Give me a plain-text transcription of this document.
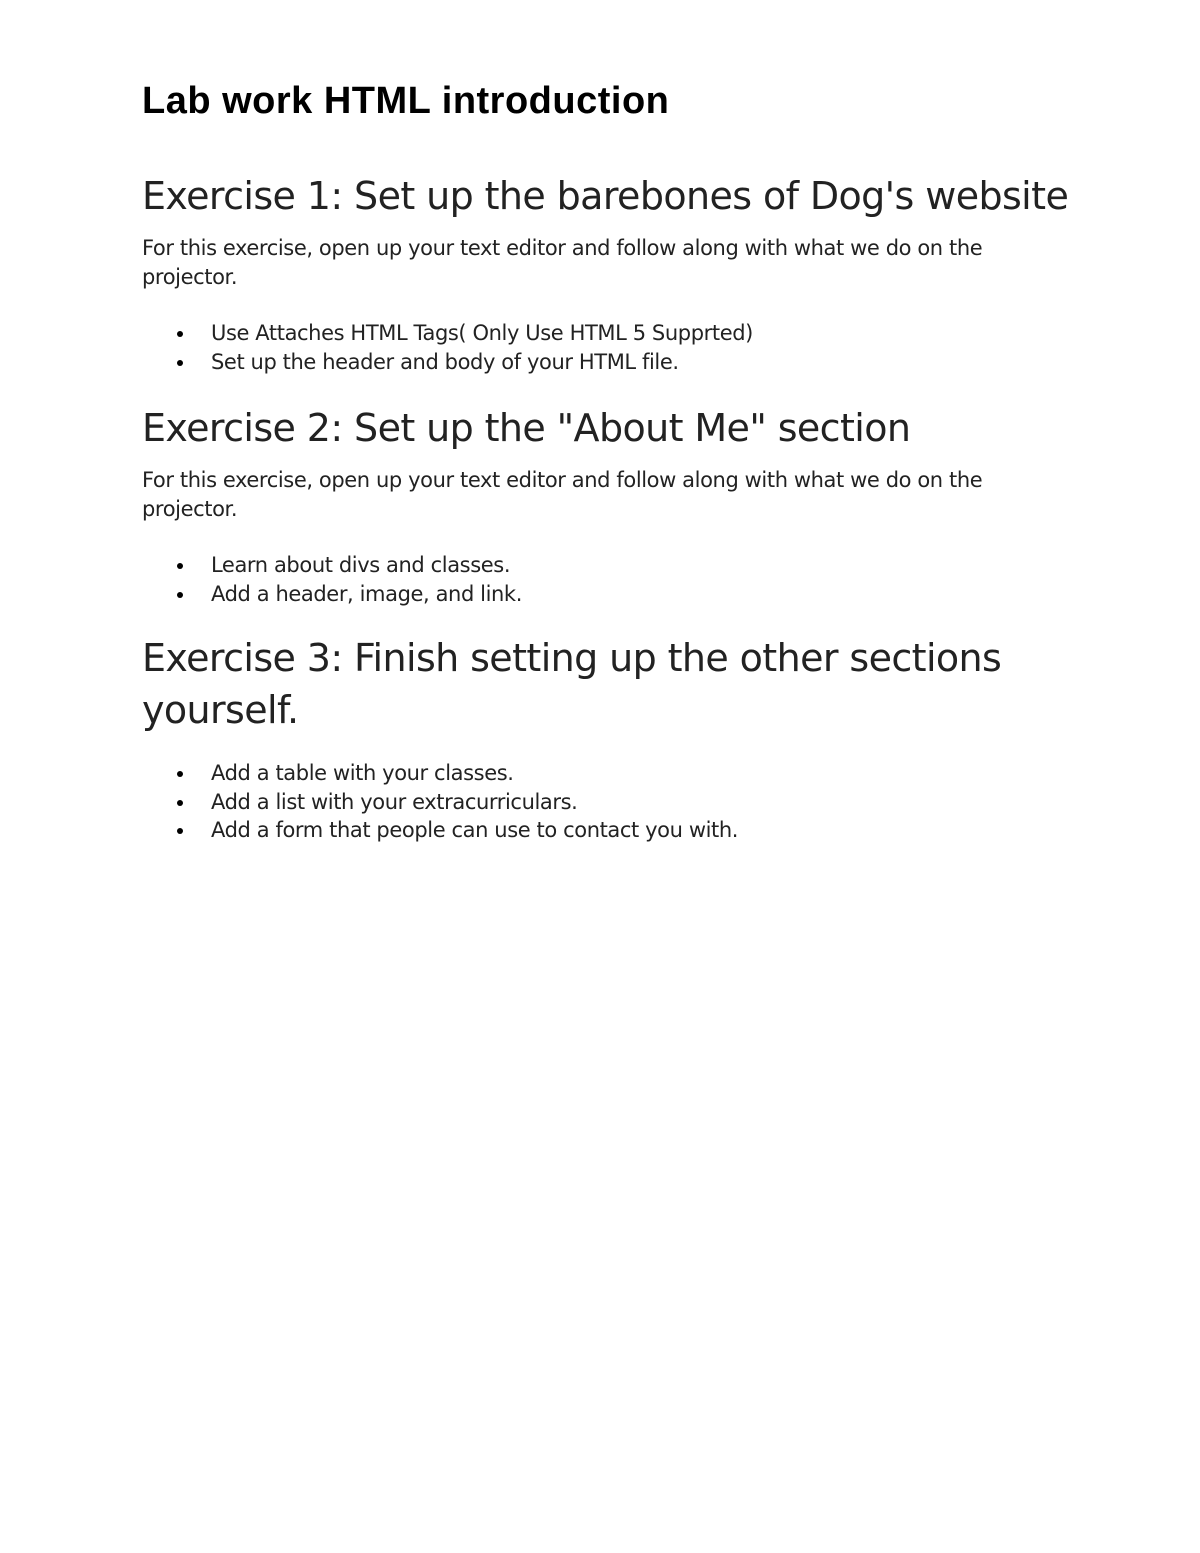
Lab work HTML introduction
Exercise 1: Set up the barebones of Dog's website

For this exercise, open up your text editor and follow along with what we do on the projector.

Use Attaches HTML Tags( Only Use HTML 5 Supprted)
Set up the header and body of your HTML file.
Exercise 2: Set up the "About Me" section

For this exercise, open up your text editor and follow along with what we do on the projector.

Learn about divs and classes.
Add a header, image, and link.
Exercise 3: Finish setting up the other sections yourself.
Add a table with your classes.
Add a list with your extracurriculars.
Add a form that people can use to contact you with.
